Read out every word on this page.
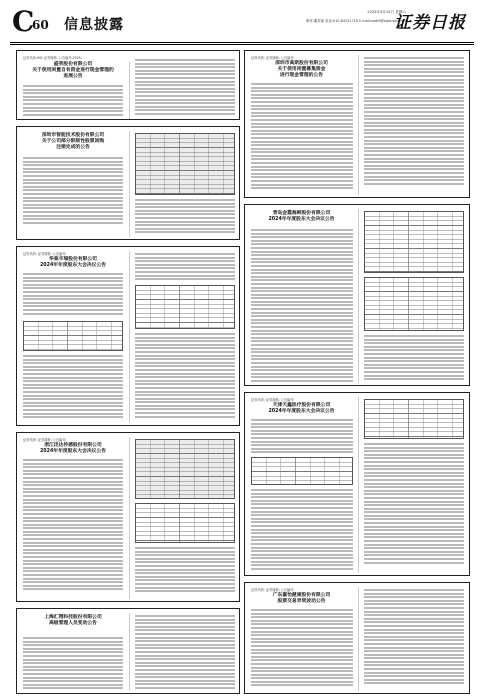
C
60 信息披露
2025年3月24日 星期六
制作:董美丽 电话:010-83251716 E-mail:zqrb9@zqrb.sina.net
证券日报
证券代码:002 证券简称: 公告编号:2025-
盛荣股份有限公司
关于使用闲置自有资金进行现金管理的
进展公告
深圳市智能技术股份有限公司
关于公司部分限制性股票回购
注销完成的公告
证券代码: 证券简称: 公告编号:
华泰丰瑞股份有限公司
2024年年度股东大会决议公告
证券代码: 证券简称: 公告编号:
浙江迅达传感股份有限公司
2024年年度股东大会决议公告
上海汇翔科技股份有限公司
高级管理人员变动公告
证券代码: 证券简称: 公告编号:
深圳市高斯股份有限公司
关于使用闲置募集资金
进行现金管理的公告
青岛金霞海鲜股份有限公司
2024年年度股东大会决议公告
证券代码: 证券简称: 公告编号:
天津天鑫医疗股份有限公司
2024年年度股东大会决议公告
证券代码: 证券简称: 公告编号:
广东嘉怡健康股份有限公司
股票交易异常波动公告
